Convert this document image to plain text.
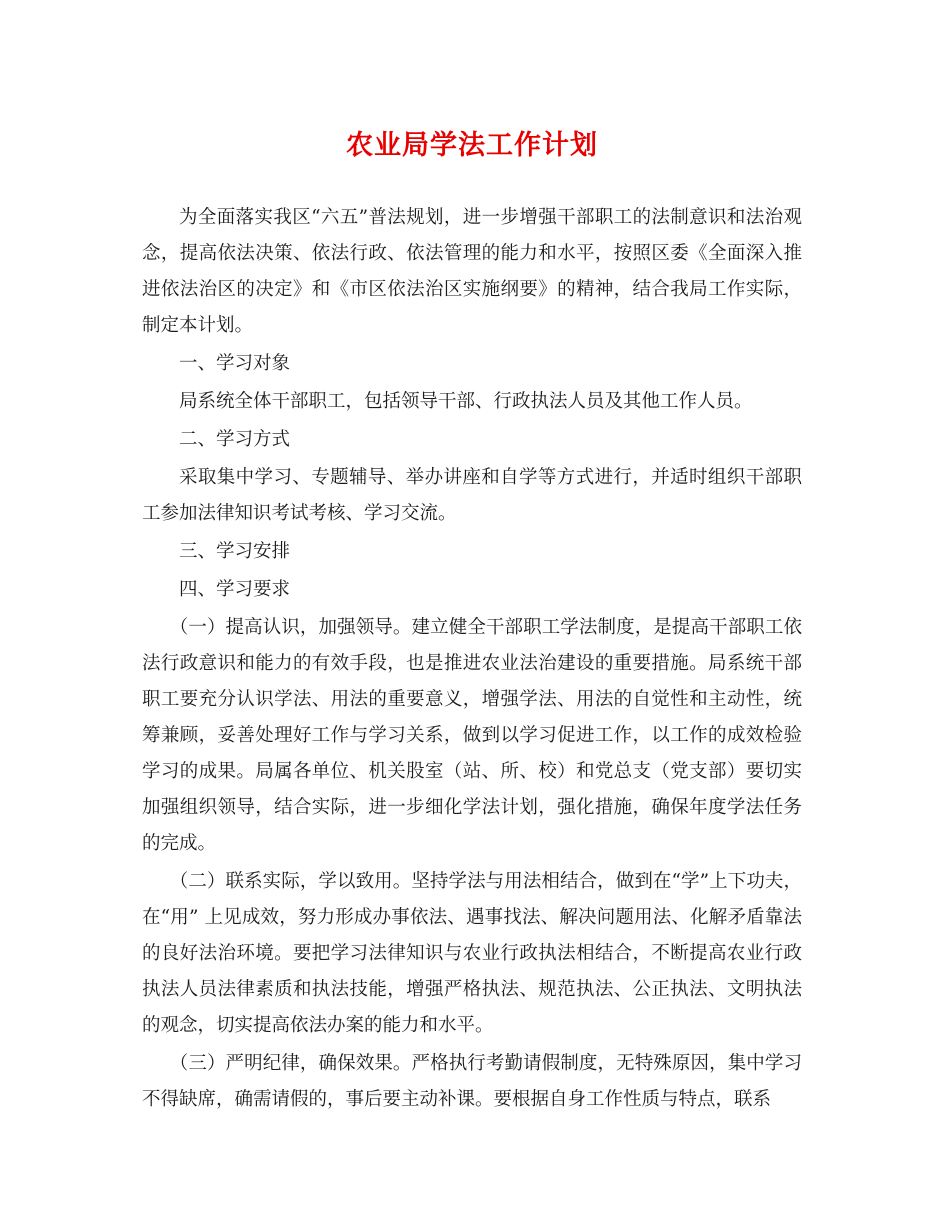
农业局学法工作计划

为全面落实我区“六五”普法规划，进一步增强干部职工的法制意识和法治观念，提高依法决策、依法行政、依法管理的能力和水平，按照区委《全面深入推进依法治区的决定》和《市区依法治区实施纲要》的精神，结合我局工作实际，制定本计划。

一、学习对象

局系统全体干部职工，包括领导干部、行政执法人员及其他工作人员。

二、学习方式

采取集中学习、专题辅导、举办讲座和自学等方式进行，并适时组织干部职工参加法律知识考试考核、学习交流。

三、学习安排

四、学习要求

（一）提高认识，加强领导。建立健全干部职工学法制度，是提高干部职工依法行政意识和能力的有效手段，也是推进农业法治建设的重要措施。局系统干部职工要充分认识学法、用法的重要意义，增强学法、用法的自觉性和主动性，统筹兼顾，妥善处理好工作与学习关系，做到以学习促进工作，以工作的成效检验学习的成果。局属各单位、机关股室（站、所、校）和党总支（党支部）要切实加强组织领导，结合实际，进一步细化学法计划，强化措施，确保年度学法任务的完成。

（二）联系实际，学以致用。坚持学法与用法相结合，做到在“学”上下功夫，在“用” 上见成效，努力形成办事依法、遇事找法、解决问题用法、化解矛盾靠法的良好法治环境。要把学习法律知识与农业行政执法相结合，不断提高农业行政执法人员法律素质和执法技能，增强严格执法、规范执法、公正执法、文明执法的观念，切实提高依法办案的能力和水平。

（三）严明纪律，确保效果。严格执行考勤请假制度，无特殊原因，集中学习不得缺席，确需请假的，事后要主动补课。要根据自身工作性质与特点，联系
